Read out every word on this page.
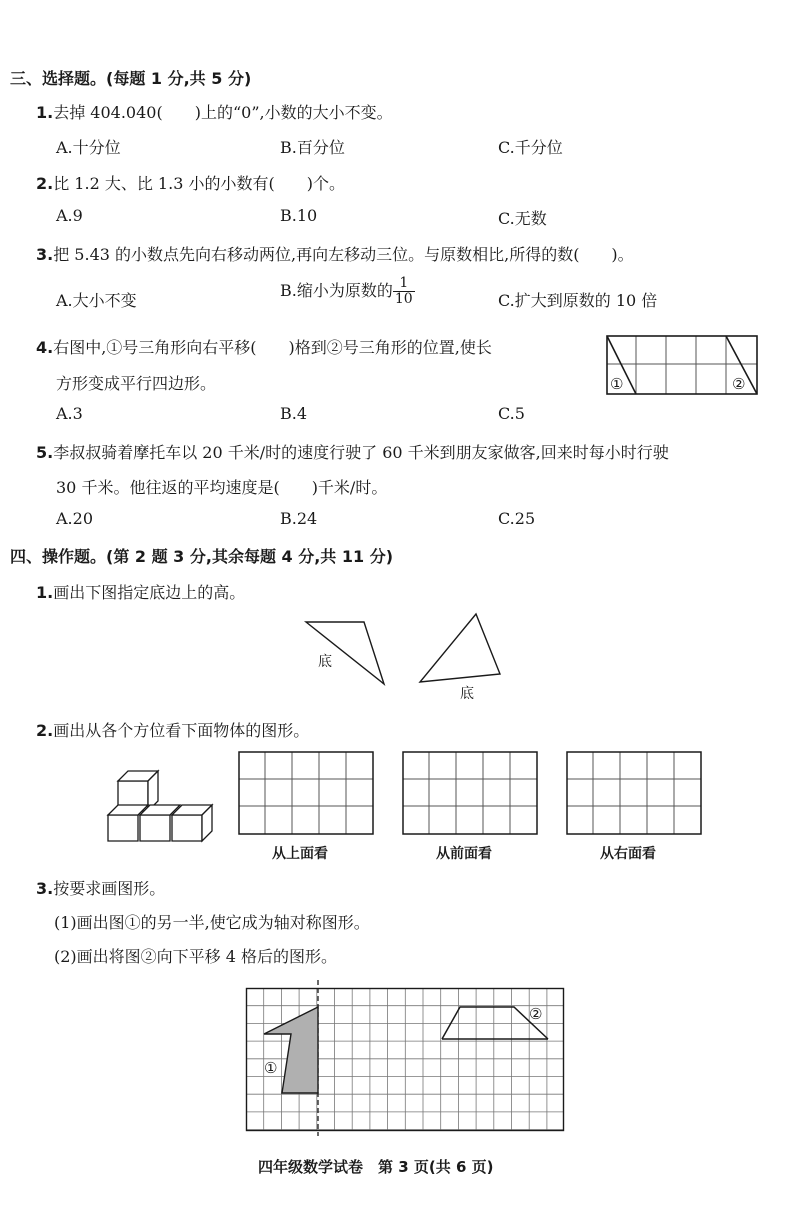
三、选择题。(每题 1 分,共 5 分)
1.去掉 404.040(　　)上的“0”,小数的大小不变。
A.十分位	B.百分位	C.千分位
2.比 1.2 大、比 1.3 小的小数有(　　)个。
A.9	B.10	C.无数
3.把 5.43 的小数点先向右移动两位,再向左移动三位。与原数相比,所得的数(　　)。
A.大小不变
B.缩小为原数的 $\frac{1}{10}$	C.扩大到原数的 10 倍
4.右图中,①号三角形向右平移(　　)格到②号三角形的位置,使长
方形变成平行四边形。
A.3	B.4	C.5
①	②
5.李叔叔骑着摩托车以 20 千米/时的速度行驶了 60 千米到朋友家做客,回来时每小时行驶
30 千米。他往返的平均速度是(　　)千米/时。
A.20	B.24	C.25
四、操作题。(第 2 题 3 分,其余每题 4 分,共 11 分)
1.画出下图指定底边上的高。
底
底
2.画出从各个方位看下面物体的图形。
从上面看	从前面看	从右面看
3.按要求画图形。
(1)画出图①的另一半,使它成为轴对称图形。
(2)画出将图②向下平移 4 格后的图形。
①
②
四年级数学试卷　第 3 页(共 6 页)
